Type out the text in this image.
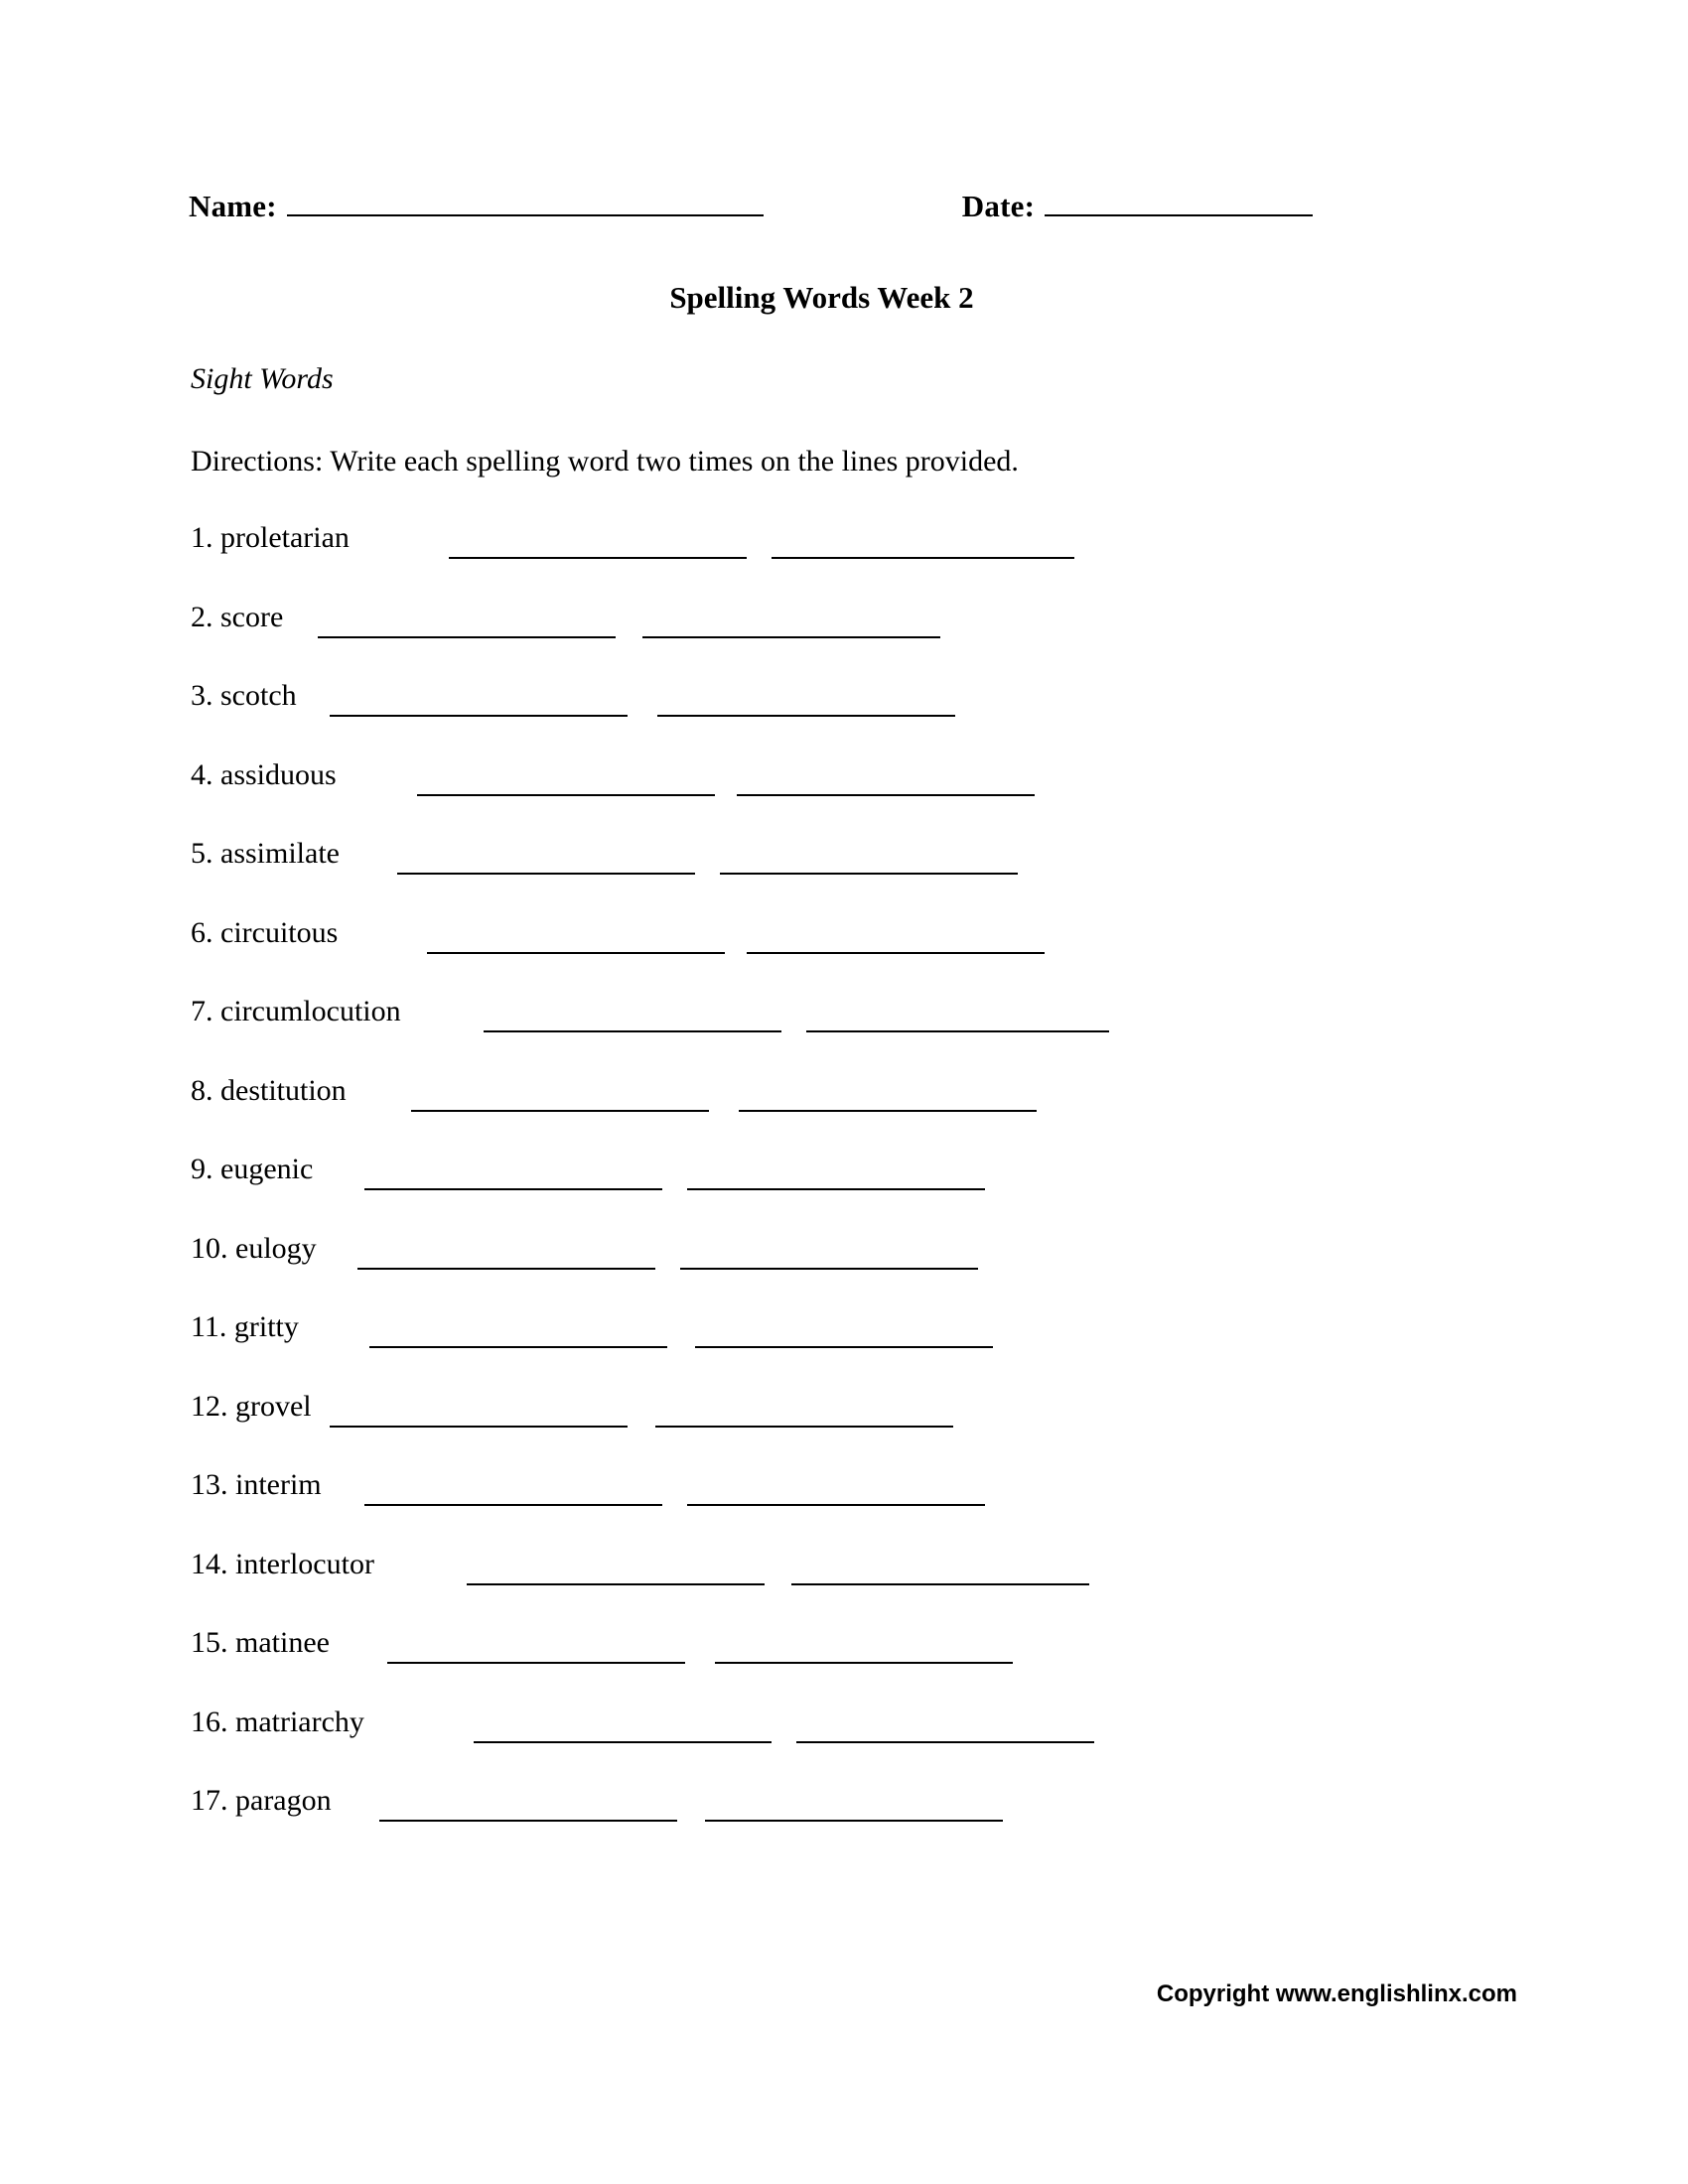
Name:	Date:
Spelling Words Week 2
Sight Words
Directions: Write each spelling word two times on the lines provided.
1. proletarian
2. score
3. scotch
4. assiduous
5. assimilate
6. circuitous
7. circumlocution
8. destitution
9. eugenic
10. eulogy
11. gritty
12. grovel
13. interim
14. interlocutor
15. matinee
16. matriarchy
17. paragon
Copyright www.englishlinx.com
